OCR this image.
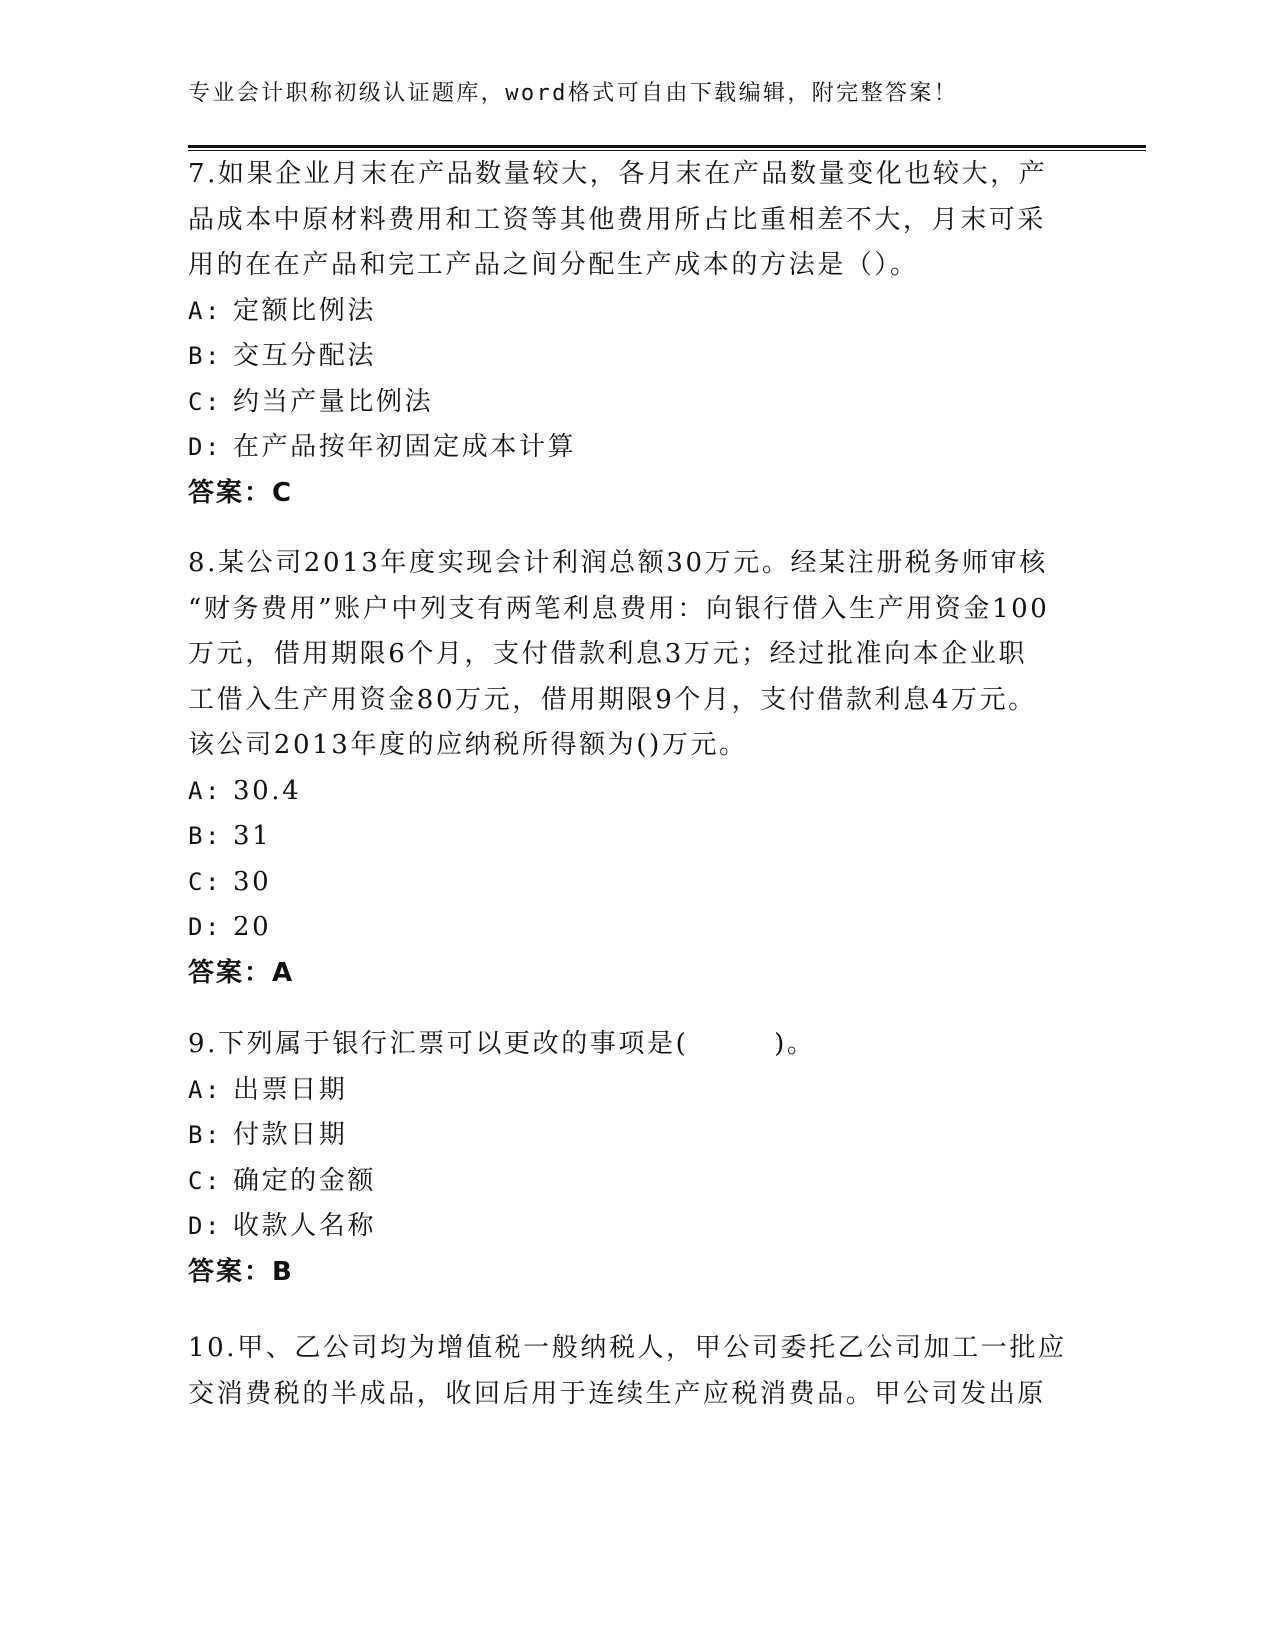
专业会计职称初级认证题库，word格式可自由下载编辑，附完整答案！

7.如果企业月末在产品数量较大，各月末在产品数量变化也较大，产

品成本中原材料费用和工资等其他费用所占比重相差不大，月末可采

用的在在产品和完工产品之间分配生产成本的方法是（）。

A: 定额比例法

B: 交互分配法

C: 约当产量比例法

D: 在产品按年初固定成本计算

答案：C

8.某公司2013年度实现会计利润总额30万元。经某注册税务师审核

“财务费用”账户中列支有两笔利息费用：向银行借入生产用资金100

万元，借用期限6个月，支付借款利息3万元；经过批准向本企业职

工借入生产用资金80万元，借用期限9个月，支付借款利息4万元。

该公司2013年度的应纳税所得额为()万元。

A: 30.4

B: 31

C: 30

D: 20

答案：A

9.下列属于银行汇票可以更改的事项是(　　　)。

A: 出票日期

B: 付款日期

C: 确定的金额

D: 收款人名称

答案：B

10.甲、乙公司均为增值税一般纳税人，甲公司委托乙公司加工一批应

交消费税的半成品，收回后用于连续生产应税消费品。甲公司发出原
